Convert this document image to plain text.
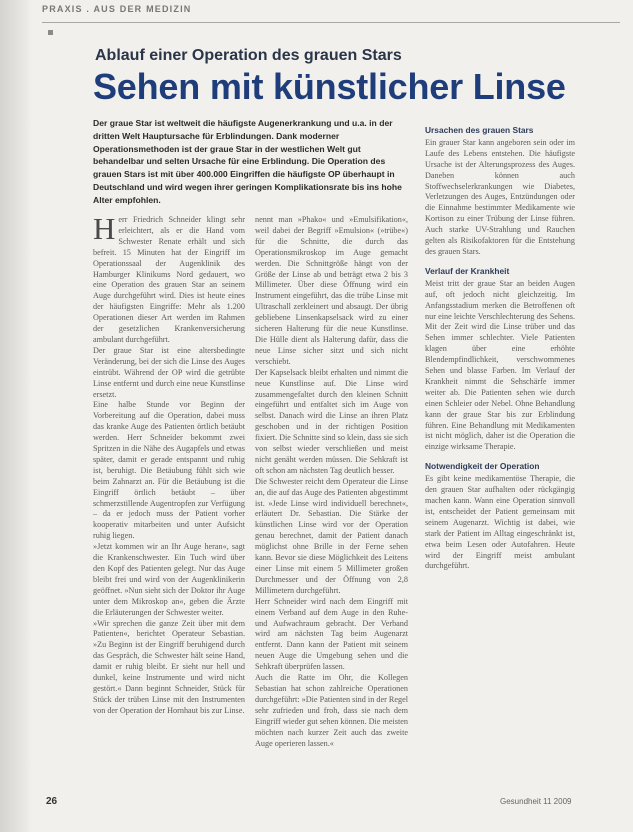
PRAXIS . AUS DER MEDIZIN
Ablauf einer Operation des grauen Stars
Sehen mit künstlicher Linse
Der graue Star ist weltweit die häufigste Augenerkrankung und u.a. in der dritten Welt Hauptursache für Erblindungen. Dank moderner Operationsmethoden ist der graue Star in der westlichen Welt gut behandelbar und selten Ursache für eine Erblindung. Die Operation des grauen Stars ist mit über 400.000 Eingriffen die häufigste OP überhaupt in Deutschland und wird wegen ihrer geringen Komplikationsrate bis ins hohe Alter empfohlen.

Herr Friedrich Schneider klingt sehr erleichtert, als er die Hand vom Schwester Renate erhält und sich befreit. 15 Minuten hat der Eingriff im Operationssaal der Augenklinik des Hamburger Klinikums Nord gedauert, wo eine Operation des grauen Star an seinem Auge durchgeführt wird. Dies ist heute eines der häufigsten Eingriffe: Mehr als 1.200 Operationen dieser Art werden im Rahmen der gesetzlichen Krankenversicherung ambulant durchgeführt.

Der graue Star ist eine altersbedingte Veränderung, bei der sich die Linse des Auges eintrübt. Während der OP wird die getrübte Linse entfernt und durch eine neue Kunstlinse ersetzt.

Eine halbe Stunde vor Beginn der Vorbereitung auf die Operation, dabei muss das kranke Auge des Patienten örtlich betäubt werden. Herr Schneider bekommt zwei Spritzen in die Nähe des Augapfels und etwas später, damit er gerade entspannt und ruhig ist, beruhigt. Die Betäubung fühlt sich wie beim Zahnarzt an. Für die Betäubung ist die Eingriff örtlich betäubt – über schmerzstillende Augentropfen zur Verfügung – da er jedoch muss der Patient vorher kooperativ mitarbeiten und unter Aufsicht ruhig liegen.

»Jetzt kommen wir an Ihr Auge heran«, sagt die Krankenschwester. Ein Tuch wird über den Kopf des Patienten gelegt. Nur das Auge bleibt frei und wird von der Augenklinikerin geöffnet. »Nun sieht sich der Doktor ihr Auge unter dem Mikroskop an«, geben die Ärzte die Erläuterungen der Schwester weiter.

»Wir sprechen die ganze Zeit über mit dem Patienten«, berichtet Operateur Sebastian. »Zu Beginn ist der Eingriff beruhigend durch das Gespräch, die Schwester hält seine Hand, damit er ruhig bleibt. Er sieht nur hell und dunkel, keine Instrumente und wird nicht gestört.« Dann beginnt Schneider, Stück für Stück der trüben Linse mit den Instrumenten von der Operation der Hornhaut bis zur Linse.

nennt man »Phako« und »Emulsifikation«, weil dabei der Begriff »Emulsion« (»trübe«) für die Schnitte, die durch das Operationsmikroskop im Auge gemacht werden. Die Schnittgröße hängt von der Größe der Linse ab und beträgt etwa 2 bis 3 Millimeter. Über diese Öffnung wird ein Instrument eingeführt, das die trübe Linse mit Ultraschall zerkleinert und absaugt. Der übrig gebliebene Linsenkapselsack wird zu einer sicheren Halterung für die neue Kunstlinse. Die Hülle dient als Halterung dafür, dass die neue Linse sicher sitzt und sich nicht verschiebt.

Der Kapselsack bleibt erhalten und nimmt die neue Kunstlinse auf. Die Linse wird zusammengefaltet durch den kleinen Schnitt eingeführt und entfaltet sich im Auge von selbst. Danach wird die Linse an ihren Platz geschoben und in der richtigen Position fixiert. Die Schnitte sind so klein, dass sie sich von selbst wieder verschließen und meist nicht genäht werden müssen. Die Sehkraft ist oft schon am nächsten Tag deutlich besser.

Die Schwester reicht dem Operateur die Linse an, die auf das Auge des Patienten abgestimmt ist. »Jede Linse wird individuell berechnet«, erläutert Dr. Sebastian. Die Stärke der künstlichen Linse wird vor der Operation genau berechnet, damit der Patient danach möglichst ohne Brille in der Ferne sehen kann. Bevor sie diese Möglichkeit des Leitens einer Linse mit einem 5 Millimeter großen Durchmesser und der Öffnung von 2,8 Millimetern durchgeführt.

Herr Schneider wird nach dem Eingriff mit einem Verband auf dem Auge in den Ruhe- und Aufwachraum gebracht. Der Verband wird am nächsten Tag beim Augenarzt entfernt. Dann kann der Patient mit seinem neuen Auge die Umgebung sehen und die Sehkraft überprüfen lassen.

Auch die Ratte im Ohr, die Kollegen Sebastian hat schon zahlreiche Operationen durchgeführt: »Die Patienten sind in der Regel sehr zufrieden und froh, dass sie nach dem Eingriff wieder gut sehen können. Die meisten möchten nach kurzer Zeit auch das zweite Auge operieren lassen.«

Ursachen des grauen Stars

Ein grauer Star kann angeboren sein oder im Laufe des Lebens entstehen. Die häufigste Ursache ist der Alterungsprozess des Auges. Daneben können auch Stoffwechselerkrankungen wie Diabetes, Verletzungen des Auges, Entzündungen oder die Einnahme bestimmter Medikamente wie Kortison zu einer Trübung der Linse führen. Auch starke UV-Strahlung und Rauchen gelten als Risikofaktoren für die Entstehung des grauen Stars.

Verlauf der Krankheit

Meist tritt der graue Star an beiden Augen auf, oft jedoch nicht gleichzeitig. Im Anfangsstadium merken die Betroffenen oft nur eine leichte Verschlechterung des Sehens. Mit der Zeit wird die Linse trüber und das Sehen immer schlechter. Viele Patienten klagen über eine erhöhte Blendempfindlichkeit, verschwommenes Sehen und blasse Farben. Im Verlauf der Krankheit nimmt die Sehschärfe immer weiter ab. Die Patienten sehen wie durch einen Schleier oder Nebel. Ohne Behandlung kann der graue Star bis zur Erblindung führen. Eine Behandlung mit Medikamenten ist nicht möglich, daher ist die Operation die einzige wirksame Therapie.

Notwendigkeit der Operation

Es gibt keine medikamentöse Therapie, die den grauen Star aufhalten oder rückgängig machen kann. Wann eine Operation sinnvoll ist, entscheidet der Patient gemeinsam mit seinem Augenarzt. Wichtig ist dabei, wie stark der Patient im Alltag eingeschränkt ist, etwa beim Lesen oder Autofahren. Heute wird der Eingriff meist ambulant durchgeführt.

26	Gesundheit 11 2009
